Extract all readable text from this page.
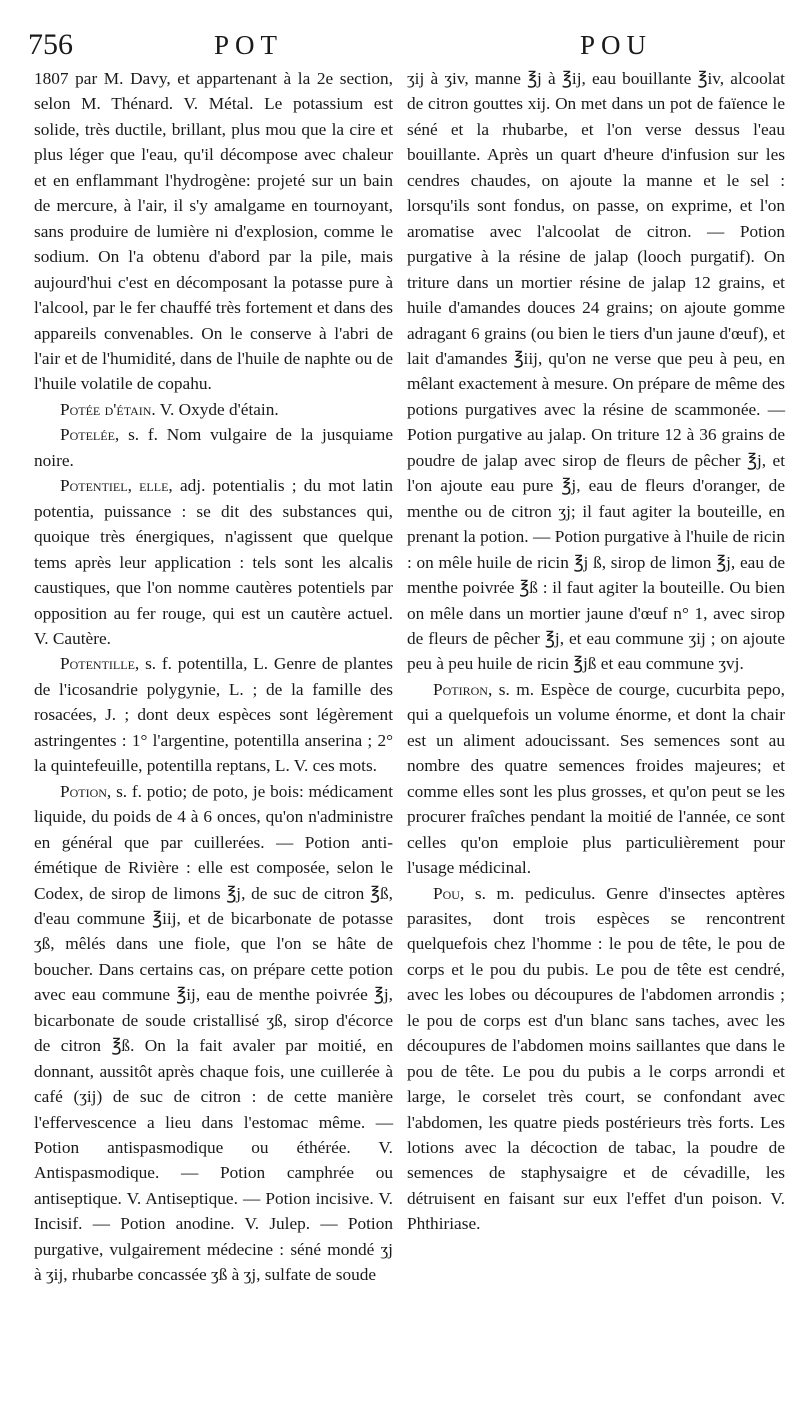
756	POT	POU

1807 par M. Davy, et appartenant à la 2e section, selon M. Thénard. V. Métal. Le potassium est solide, très ductile, brillant, plus mou que la cire et plus léger que l'eau, qu'il décompose avec chaleur et en enflammant l'hydrogène: projeté sur un bain de mercure, à l'air, il s'y amalgame en tournoyant, sans produire de lumière ni d'explosion, comme le sodium. On l'a obtenu d'abord par la pile, mais aujourd'hui c'est en décomposant la potasse pure à l'alcool, par le fer chauffé très fortement et dans des appareils convenables. On le conserve à l'abri de l'air et de l'humidité, dans de l'huile de naphte ou de l'huile volatile de copahu.

Potée d'étain. V. Oxyde d'étain.

Potelée, s. f. Nom vulgaire de la jusquiame noire.

Potentiel, elle, adj. potentialis ; du mot latin potentia, puissance : se dit des substances qui, quoique très énergiques, n'agissent que quelque tems après leur application : tels sont les alcalis caustiques, que l'on nomme cautères potentiels par opposition au fer rouge, qui est un cautère actuel. V. Cautère.

Potentille, s. f. potentilla, L. Genre de plantes de l'icosandrie polygynie, L. ; de la famille des rosacées, J. ; dont deux espèces sont légèrement astringentes : 1° l'argentine, potentilla anserina ; 2° la quintefeuille, potentilla reptans, L. V. ces mots.

Potion, s. f. potio; de poto, je bois: médicament liquide, du poids de 4 à 6 onces, qu'on n'administre en général que par cuillerées. — Potion anti-émétique de Rivière : elle est composée, selon le Codex, de sirop de limons ℥j, de suc de citron ℥ß, d'eau commune ℥iij, et de bicarbonate de potasse ʒß, mêlés dans une fiole, que l'on se hâte de boucher. Dans certains cas, on prépare cette potion avec eau commune ℥ij, eau de menthe poivrée ℥j, bicarbonate de soude cristallisé ʒß, sirop d'écorce de citron ℥ß. On la fait avaler par moitié, en donnant, aussitôt après chaque fois, une cuillerée à café (ʒij) de suc de citron : de cette manière l'effervescence a lieu dans l'estomac même. — Potion antispasmodique ou éthérée. V. Antispasmodique. — Potion camphrée ou antiseptique. V. Antiseptique. — Potion incisive. V. Incisif. — Potion anodine. V. Julep. — Potion purgative, vulgairement médecine : séné mondé ʒj à ʒij, rhubarbe concassée ʒß à ʒj, sulfate de soude

ʒij à ʒiv, manne ℥j à ℥ij, eau bouillante ℥iv, alcoolat de citron gouttes xij. On met dans un pot de faïence le séné et la rhubarbe, et l'on verse dessus l'eau bouillante. Après un quart d'heure d'infusion sur les cendres chaudes, on ajoute la manne et le sel : lorsqu'ils sont fondus, on passe, on exprime, et l'on aromatise avec l'alcoolat de citron. — Potion purgative à la résine de jalap (looch purgatif). On triture dans un mortier résine de jalap 12 grains, et huile d'amandes douces 24 grains; on ajoute gomme adragant 6 grains (ou bien le tiers d'un jaune d'œuf), et lait d'amandes ℥iij, qu'on ne verse que peu à peu, en mêlant exactement à mesure. On prépare de même des potions purgatives avec la résine de scammonée. — Potion purgative au jalap. On triture 12 à 36 grains de poudre de jalap avec sirop de fleurs de pêcher ℥j, et l'on ajoute eau pure ℥j, eau de fleurs d'oranger, de menthe ou de citron ʒj; il faut agiter la bouteille, en prenant la potion. — Potion purgative à l'huile de ricin : on mêle huile de ricin ℥j ß, sirop de limon ℥j, eau de menthe poivrée ℥ß : il faut agiter la bouteille. Ou bien on mêle dans un mortier jaune d'œuf n° 1, avec sirop de fleurs de pêcher ℥j, et eau commune ʒij ; on ajoute peu à peu huile de ricin ℥jß et eau commune ʒvj.

Potiron, s. m. Espèce de courge, cucurbita pepo, qui a quelquefois un volume énorme, et dont la chair est un aliment adoucissant. Ses semences sont au nombre des quatre semences froides majeures; et comme elles sont les plus grosses, et qu'on peut se les procurer fraîches pendant la moitié de l'année, ce sont celles qu'on emploie plus particulièrement pour l'usage médicinal.

Pou, s. m. pediculus. Genre d'insectes aptères parasites, dont trois espèces se rencontrent quelquefois chez l'homme : le pou de tête, le pou de corps et le pou du pubis. Le pou de tête est cendré, avec les lobes ou découpures de l'abdomen arrondis ; le pou de corps est d'un blanc sans taches, avec les découpures de l'abdomen moins saillantes que dans le pou de tête. Le pou du pubis a le corps arrondi et large, le corselet très court, se confondant avec l'abdomen, les quatre pieds postérieurs très forts. Les lotions avec la décoction de tabac, la poudre de semences de staphysaigre et de cévadille, les détruisent en faisant sur eux l'effet d'un poison. V. Phthiriase.
